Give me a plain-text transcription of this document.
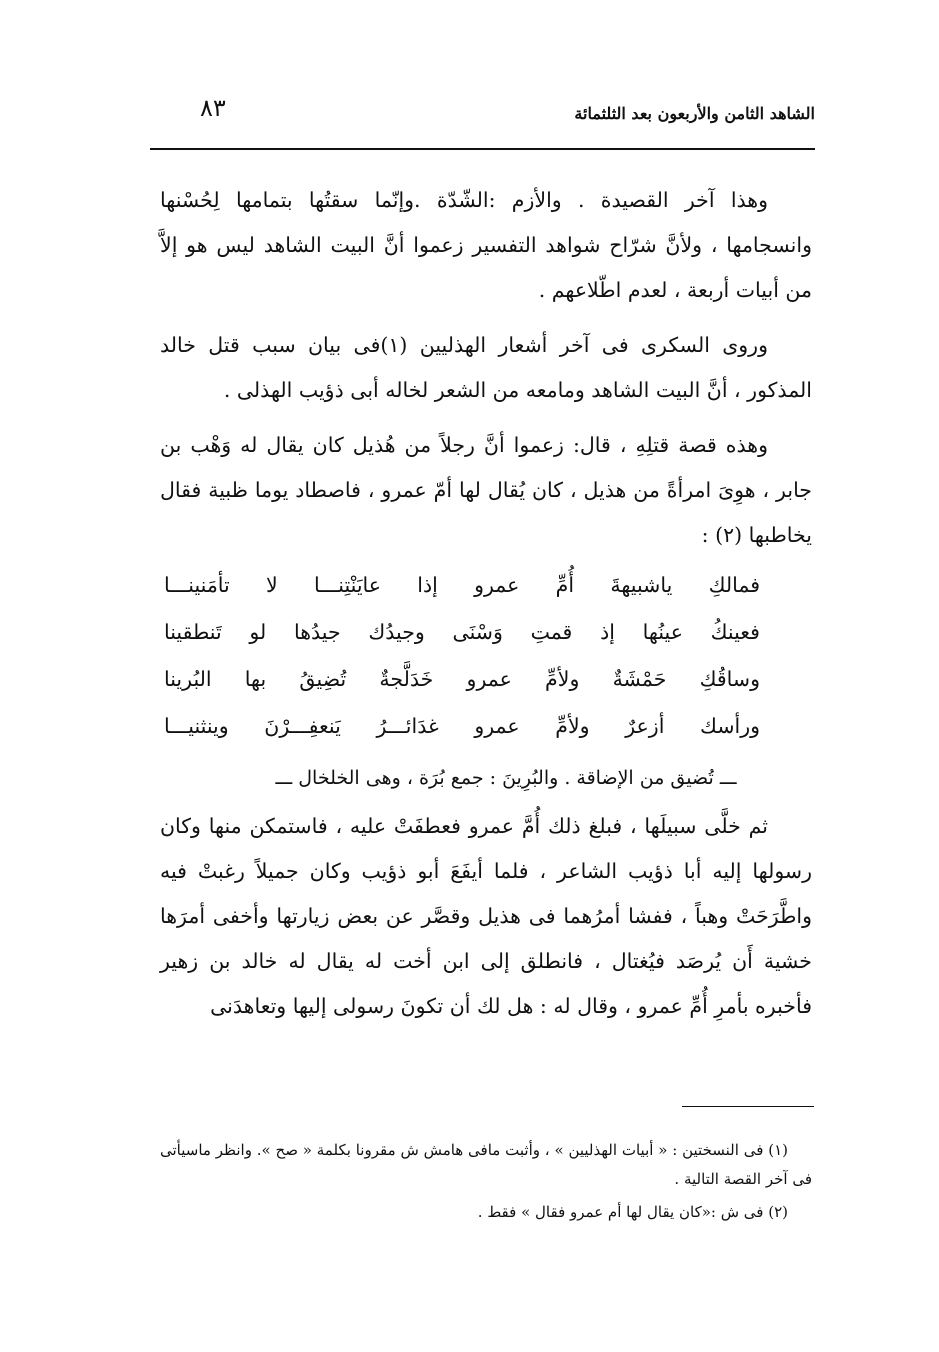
الشاهد الثامن والأربعون بعد الثلثمائة
٨٣

وهذا آخر القصيدة . والأزم :الشّدّة .وإنّما سقتُها بتمامها لِحُسْنها وانسجامها ، ولأنَّ شرّاح شواهد التفسير زعموا أنَّ البيت الشاهد ليس هو إلاَّ من أبيات أربعة ، لعدم اطّلاعهم .

وروى السكرى فى آخر أشعار الهذليين (١)فى بيان سبب قتل خالد المذكور ، أنَّ البيت الشاهد ومامعه من الشعر لخاله أبى ذؤيب الهذلى .

وهذه قصة قتلِهِ ، قال: زعموا أنَّ رجلاً من هُذيل كان يقال له وَهْب بن جابر ، هوِىَ امرأةً من هذيل ، كان يُقال لها أمّ عمرو ، فاصطاد يوما ظبية فقال يخاطبها (٢) :

فمالكِ ياشبيهةَ أُمِّ عمرو إذا عايَنْتِنـــا لا تأمَنينـــا
فعينكُ عينُها إذ قمتِ وَسْنَى وجيدُك جيدُها لو تَنطقينا
وساقُكِ حَمْشَةٌ ولأمِّ عمرو خَدَلَّجةٌ تُضِيقُ بها البُرينا
ورأسك أزعرٌ ولأمِّ عمرو غدَائـــرُ يَنعفِـــرْنَ وينثنيـــا
ـــ تُضيق من الإضاقة . والبُرِينَ : جمع بُرَة ، وهى الخلخال ـــ

ثم خلَّى سبيلَها ، فبلغ ذلك أُمَّ عمرو فعطفَتْ عليه ، فاستمكن منها وكان رسولها إليه أبا ذؤيب الشاعر ، فلما أيفَعَ أبو ذؤيب وكان جميلاً رغبتْ فيه واطَّرَحَتْ وهباً ، ففشا أمرُهما فى هذيل وقصَّر عن بعض زيارتها وأخفى أمرَها خشية أَن يُرصَد فيُغتال ، فانطلق إلى ابن أخت له يقال له خالد بن زهير فأخبره بأمرِ أُمِّ عمرو ، وقال له : هل لك أن تكونَ رسولى إليها وتعاهدَنى

(١) فى النسختين : « أبيات الهذليين » ، وأثبت مافى هامش ش مقرونا بكلمة « صح ». وانظر ماسيأتى فى آخر القصة التالية .

(٢) فى ش :«كان يقال لها أم عمرو فقال » فقط .
